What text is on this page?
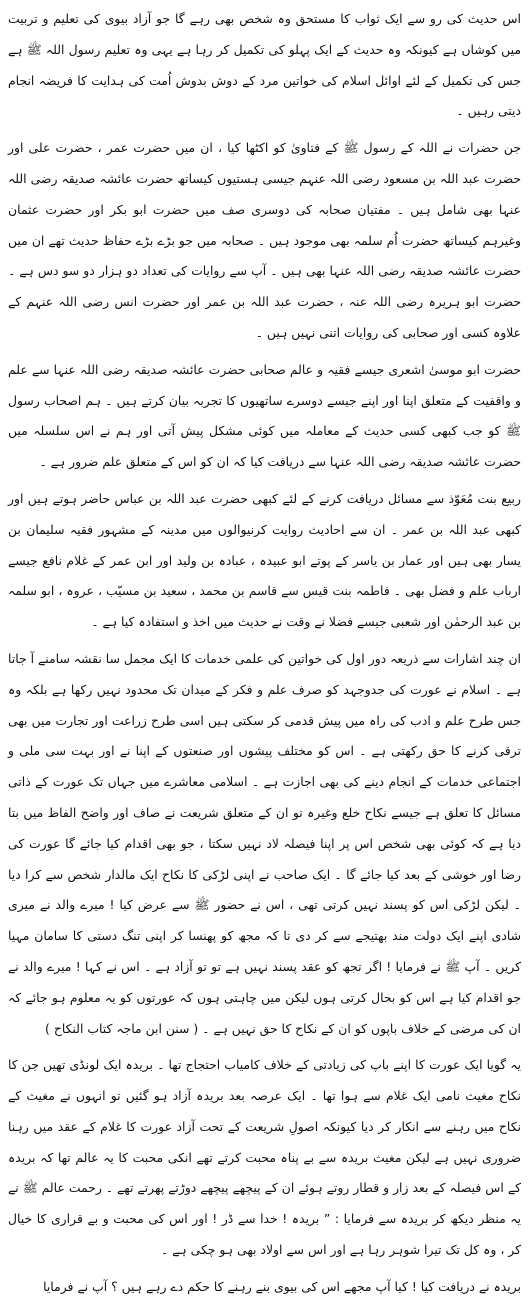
اس حدیث کی رو سے ایک ثواب کا مستحق وہ شخص بھی رہے گا جو آزاد بیوی کی تعلیم و تربیت میں کوشاں ہے کیونکہ وہ حدیث کے ایک پہلو کی تکمیل کر رہا ہے یہی وہ تعلیم رسول اللہ ﷺ ہے جس کی تکمیل کے لئے اوائل اسلام کی خواتین مرد کے دوش بدوش اُمت کی ہدایت کا فریضہ انجام دیتی رہیں ۔

جن حضرات نے اللہ کے رسول ﷺ کے فتاویٰ کو اکٹھا کیا ، ان میں حضرت عمر ، حضرت علی اور حضرت عبد اللہ بن مسعود رضی اللہ عنہم جیسی ہستیوں کیساتھ حضرت عائشہ صدیقہ رضی اللہ عنہا بھی شامل ہیں ۔ مفتیان صحابہ کی دوسری صف میں حضرت ابو بکر اور حضرت عثمان وغیرہم کیساتھ حضرت اُم سلمہ بھی موجود ہیں ۔ صحابہ میں جو بڑے بڑے حفاظ حدیث تھے ان میں حضرت عائشہ صدیقہ رضی اللہ عنہا بھی ہیں ۔ آپ سے روایات کی تعداد دو ہزار دو سو دس ہے ۔ حضرت ابو ہریرہ رضی اللہ عنہ ، حضرت عبد اللہ بن عمر اور حضرت انس رضی اللہ عنہم کے علاوہ کسی اور صحابی کی روایات اتنی نہیں ہیں ۔

حضرت ابو موسیٰ اشعری جیسے فقیہ و عالم صحابی حضرت عائشہ صدیقہ رضی اللہ عنہا سے علم و واقفیت کے متعلق اپنا اور اپنے جیسے دوسرے ساتھیوں کا تجربہ بیان کرتے ہیں ۔ ہم اصحاب رسول ﷺ کو جب کبھی کسی حدیث کے معاملہ میں کوئی مشکل پیش آتی اور ہم نے اس سلسلہ میں حضرت عائشہ صدیقہ رضی اللہ عنہا سے دریافت کیا کہ ان کو اس کے متعلق علم ضرور ہے ۔

ربیع بنت مُعَوّذ سے مسائل دریافت کرنے کے لئے کبھی حضرت عبد اللہ بن عباس حاضر ہوتے ہیں اور کبھی عبد اللہ بن عمر ۔ ان سے احادیث روایت کرنیوالوں میں مدینہ کے مشہور فقیہ سلیمان بن یسار بھی ہیں اور عمار بن یاسر کے پوتے ابو عبیدہ ، عبادہ بن ولید اور ابن عمر کے غلام نافع جیسے ارباب علم و فضل بھی ۔ فاطمہ بنت قیس سے قاسم بن محمد ، سعید بن مسیّب ، عروہ ، ابو سلمہ بن عبد الرحمٰن اور شعبی جیسے فضلا نے وقت نے حدیث میں اخذ و استفادہ کیا ہے ۔

ان چند اشارات سے ذریعہ دور اول کی خواتین کی علمی خدمات کا ایک مجمل سا نقشہ سامنے آ جاتا ہے ۔ اسلام نے عورت کی جدوجہد کو صرف علم و فکر کے میدان تک محدود نہیں رکھا ہے بلکہ وہ جس طرح علم و ادب کی راہ میں پیش قدمی کر سکتی ہیں اسی طرح زراعت اور تجارت میں بھی ترقی کرنے کا حق رکھتی ہے ۔ اس کو مختلف پیشوں اور صنعتوں کے اپنا نے اور بہت سی ملی و اجتماعی خدمات کے انجام دینے کی بھی اجازت ہے ۔ اسلامی معاشرے میں جہاں تک عورت کے ذاتی مسائل کا تعلق ہے جیسے نکاح خلع وغیرہ تو ان کے متعلق شریعت نے صاف اور واضح الفاظ میں بتا دیا ہے کہ کوئی بھی شخص اس پر اپنا فیصلہ لاد نہیں سکتا ، جو بھی اقدام کیا جائے گا عورت کی رضا اور خوشی کے بعد کیا جائے گا ۔ ایک صاحب نے اپنی لڑکی کا نکاح ایک مالدار شخص سے کرا دیا ۔ لیکن لڑکی اس کو پسند نہیں کرتی تھی ، اس نے حضور ﷺ سے عرض کیا ! میرے والد نے میری شادی اپنے ایک دولت مند بھتیجے سے کر دی تا کہ مجھ کو پھنسا کر اپنی تنگ دستی کا سامان مہیا کریں ۔ آپ ﷺ نے فرمایا ! اگر تجھ کو عقد پسند نہیں ہے تو تو آزاد ہے ۔ اس نے کہا ! میرے والد نے جو اقدام کیا ہے اس کو بحال کرتی ہوں لیکن میں چاہتی ہوں کہ عورتوں کو یہ معلوم ہو جائے کہ ان کی مرضی کے خلاف باپوں کو ان کے نکاح کا حق نہیں ہے ۔ ( سنن ابن ماجہ کتاب النکاح )

یہ گویا ایک عورت کا اپنے باپ کی زیادتی کے خلاف کامیاب احتجاج تھا ۔ بریدہ ایک لونڈی تھیں جن کا نکاح مغیث نامی ایک غلام سے ہوا تھا ۔ ایک عرصہ بعد بریدہ آزاد ہو گئیں تو انہوں نے مغیث کے نکاح میں رہنے سے انکار کر دیا کیونکہ اصولِ شریعت کے تحت آزاد عورت کا غلام کے عقد میں رہنا ضروری نہیں ہے لیکن مغیث بریدہ سے بے پناہ محبت کرتے تھے انکی محبت کا یہ عالم تھا کہ بریدہ کے اس فیصلہ کے بعد زار و قطار روتے ہوئے ان کے پیچھے پیچھے دوڑتے پھرتے تھے ۔ رحمت عالم ﷺ نے یہ منظر دیکھ کر بریدہ سے فرمایا : ” بریدہ ! خدا سے ڈر ! اور اس کی محبت و بے قراری کا خیال کر ، وہ کل تک تیرا شوہر رہا ہے اور اس سے اولاد بھی ہو چکی ہے ۔

بریدہ نے دریافت کیا ! کیا آپ مجھے اس کی بیوی بنے رہنے کا حکم دے رہے ہیں ؟ آپ نے فرمایا
